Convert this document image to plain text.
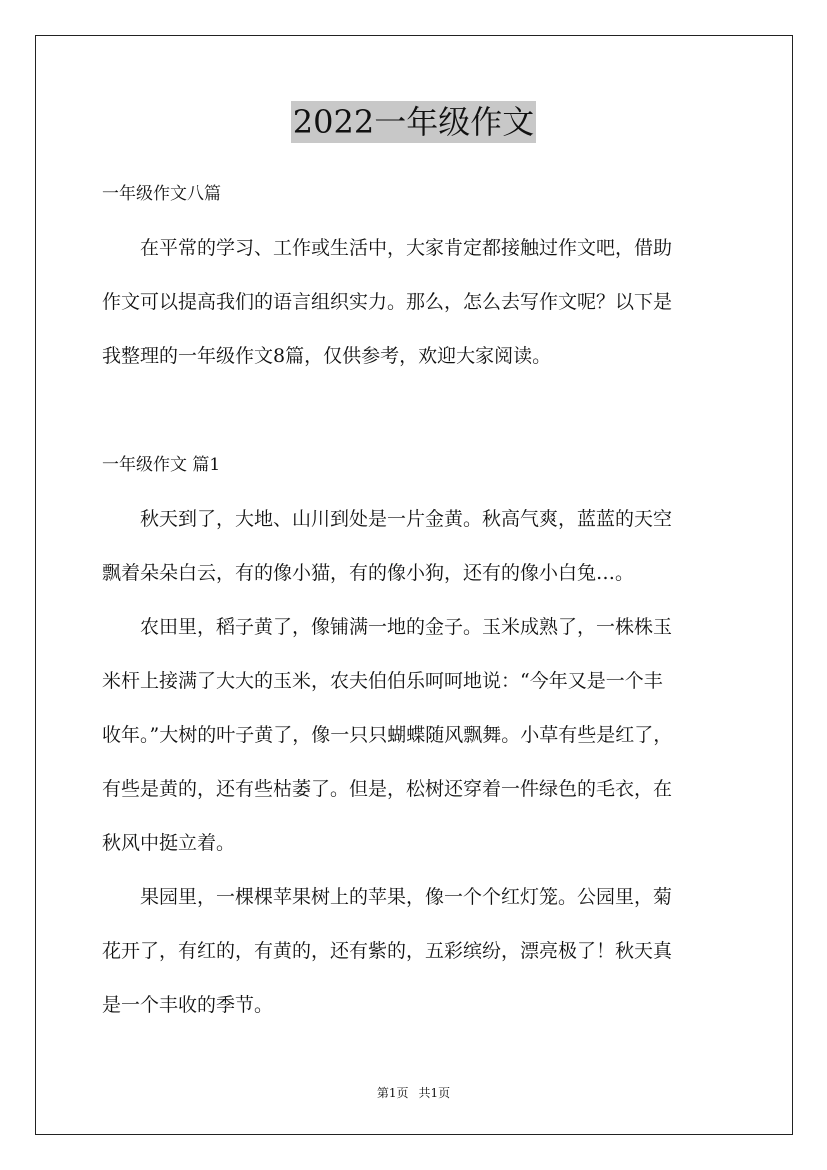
2022一年级作文
一年级作文八篇
在平常的学习、工作或生活中，大家肯定都接触过作文吧，借助
作文可以提高我们的语言组织实力。那么，怎么去写作文呢？以下是
我整理的一年级作文8篇，仅供参考，欢迎大家阅读。
一年级作文 篇1
秋天到了，大地、山川到处是一片金黄。秋高气爽，蓝蓝的天空
飘着朵朵白云，有的像小猫，有的像小狗，还有的像小白兔…。
农田里，稻子黄了，像铺满一地的金子。玉米成熟了，一株株玉
米杆上接满了大大的玉米，农夫伯伯乐呵呵地说：“今年又是一个丰
收年。”大树的叶子黄了，像一只只蝴蝶随风飘舞。小草有些是红了，
有些是黄的，还有些枯萎了。但是，松树还穿着一件绿色的毛衣，在
秋风中挺立着。
果园里，一棵棵苹果树上的苹果，像一个个红灯笼。公园里，菊
花开了，有红的，有黄的，还有紫的，五彩缤纷，漂亮极了！秋天真
是一个丰收的季节。
第1页 共1页
